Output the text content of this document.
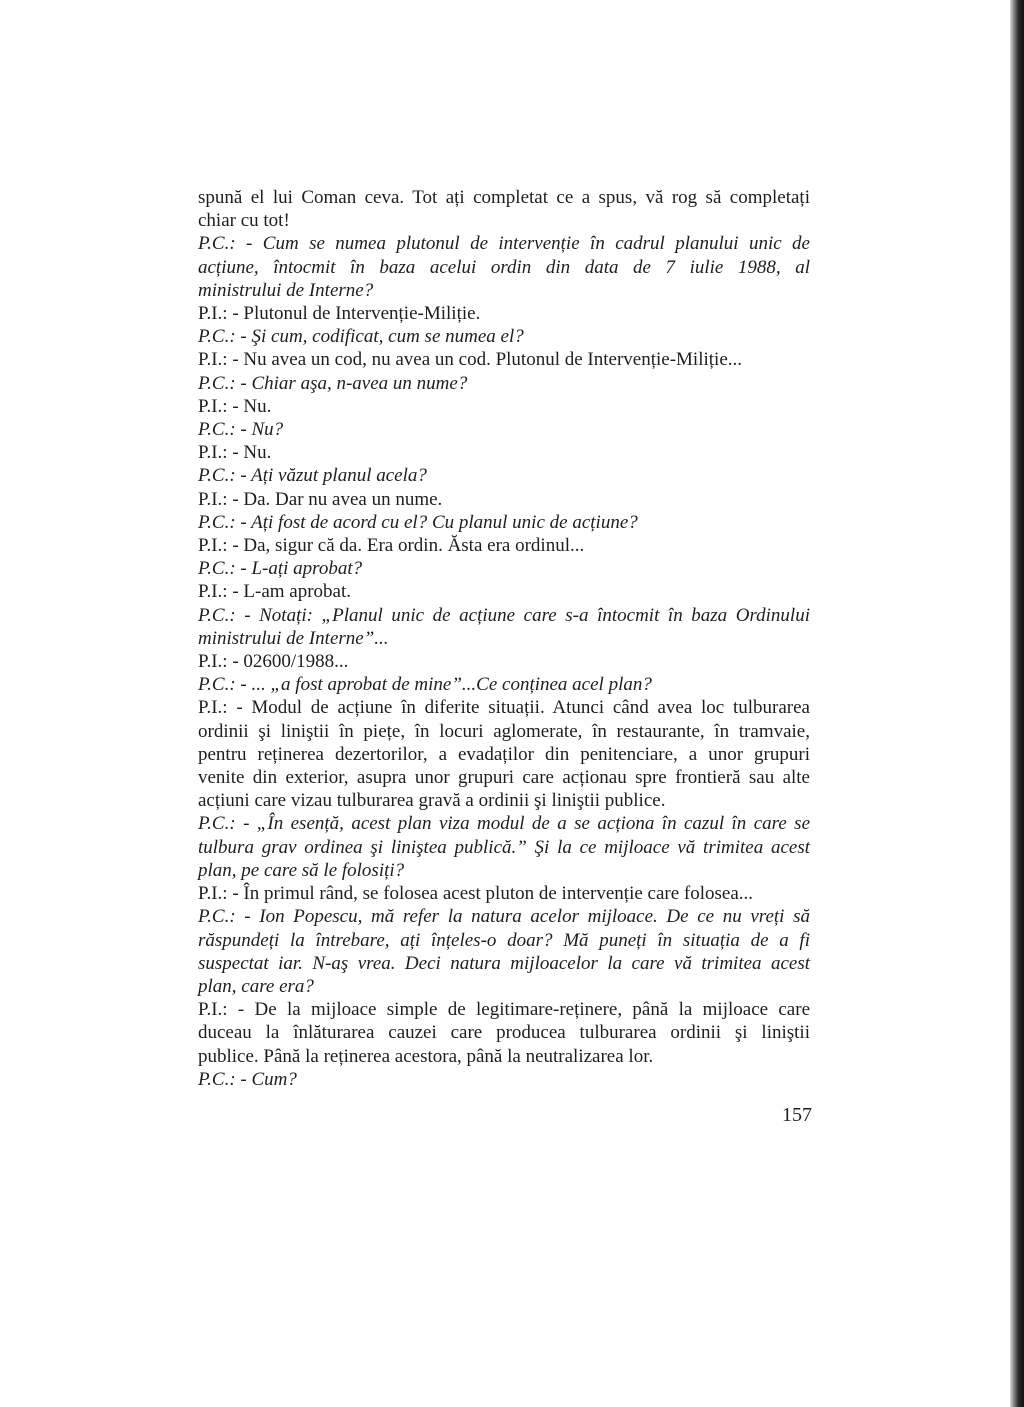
spună el lui Coman ceva. Tot ați completat ce a spus, vă rog să completați
chiar cu tot!
P.C.: - Cum se numea plutonul de intervenție în cadrul planului unic de
acțiune, întocmit în baza acelui ordin din data de 7 iulie 1988, al
ministrului de Interne?
P.I.: - Plutonul de Intervenție-Miliție.
P.C.: - Şi cum, codificat, cum se numea el?
P.I.: - Nu avea un cod, nu avea un cod. Plutonul de Intervenție-Miliție...
P.C.: - Chiar aşa, n-avea un nume?
P.I.: - Nu.
P.C.: - Nu?
P.I.: - Nu.
P.C.: - Ați văzut planul acela?
P.I.: - Da. Dar nu avea un nume.
P.C.: - Ați fost de acord cu el? Cu planul unic de acțiune?
P.I.: - Da, sigur că da. Era ordin. Ăsta era ordinul...
P.C.: - L-ați aprobat?
P.I.: - L-am aprobat.
P.C.: - Notați: „Planul unic de acțiune care s-a întocmit în baza Ordinului
ministrului de Interne”...
P.I.: - 02600/1988...
P.C.: - ... „a fost aprobat de mine”...Ce conținea acel plan?
P.I.: - Modul de acțiune în diferite situații. Atunci când avea loc tulburarea
ordinii şi liniştii în piețe, în locuri aglomerate, în restaurante, în tramvaie,
pentru reținerea dezertorilor, a evadaților din penitenciare, a unor grupuri
venite din exterior, asupra unor grupuri care acționau spre frontieră sau alte
acțiuni care vizau tulburarea gravă a ordinii şi liniştii publice.
P.C.: - „În esență, acest plan viza modul de a se acționa în cazul în care se
tulbura grav ordinea şi liniştea publică.” Şi la ce mijloace vă trimitea acest
plan, pe care să le folosiți?
P.I.: - În primul rând, se folosea acest pluton de intervenție care folosea...
P.C.: - Ion Popescu, mă refer la natura acelor mijloace. De ce nu vreți să
răspundeți la întrebare, ați înțeles-o doar? Mă puneți în situația de a fi
suspectat iar. N-aş vrea. Deci natura mijloacelor la care vă trimitea acest
plan, care era?
P.I.: - De la mijloace simple de legitimare-reținere, până la mijloace care
duceau la înlăturarea cauzei care producea tulburarea ordinii şi liniştii
publice. Până la reținerea acestora, până la neutralizarea lor.
P.C.: - Cum?
157
